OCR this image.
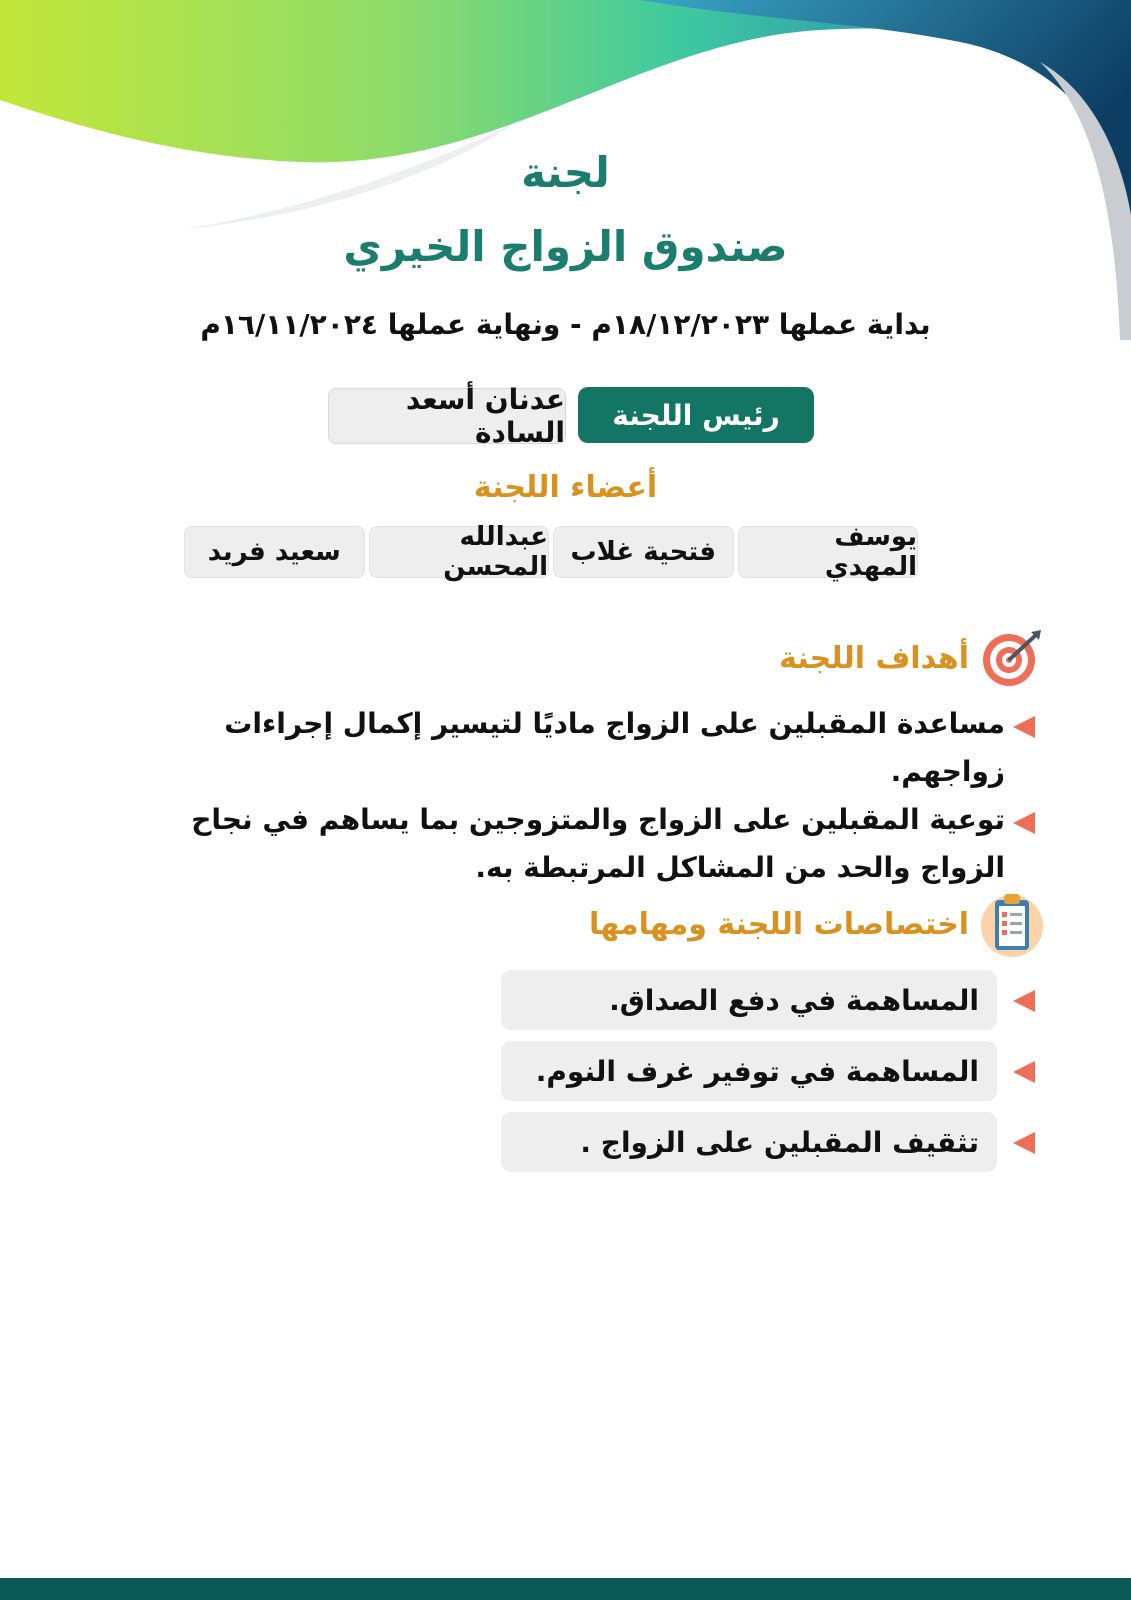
لجنة
صندوق الزواج الخيري

بداية عملها ١٨/١٢/٢٠٢٣م - ونهاية عملها ١٦/١١/٢٠٢٤م

رئيس اللجنة
عدنان أسعد السادة
أعضاء اللجنة
يوسف المهدي
فتحية غلاب
عبدالله المحسن
سعيد فريد
أهداف اللجنة
مساعدة المقبلين على الزواج ماديًا لتيسير إكمال إجراءات زواجهم.
توعية المقبلين على الزواج والمتزوجين بما يساهم في نجاح الزواج والحد من المشاكل المرتبطة به.
اختصاصات اللجنة ومهامها
المساهمة في دفع الصداق.
المساهمة في توفير غرف النوم.
تثقيف المقبلين على الزواج .
